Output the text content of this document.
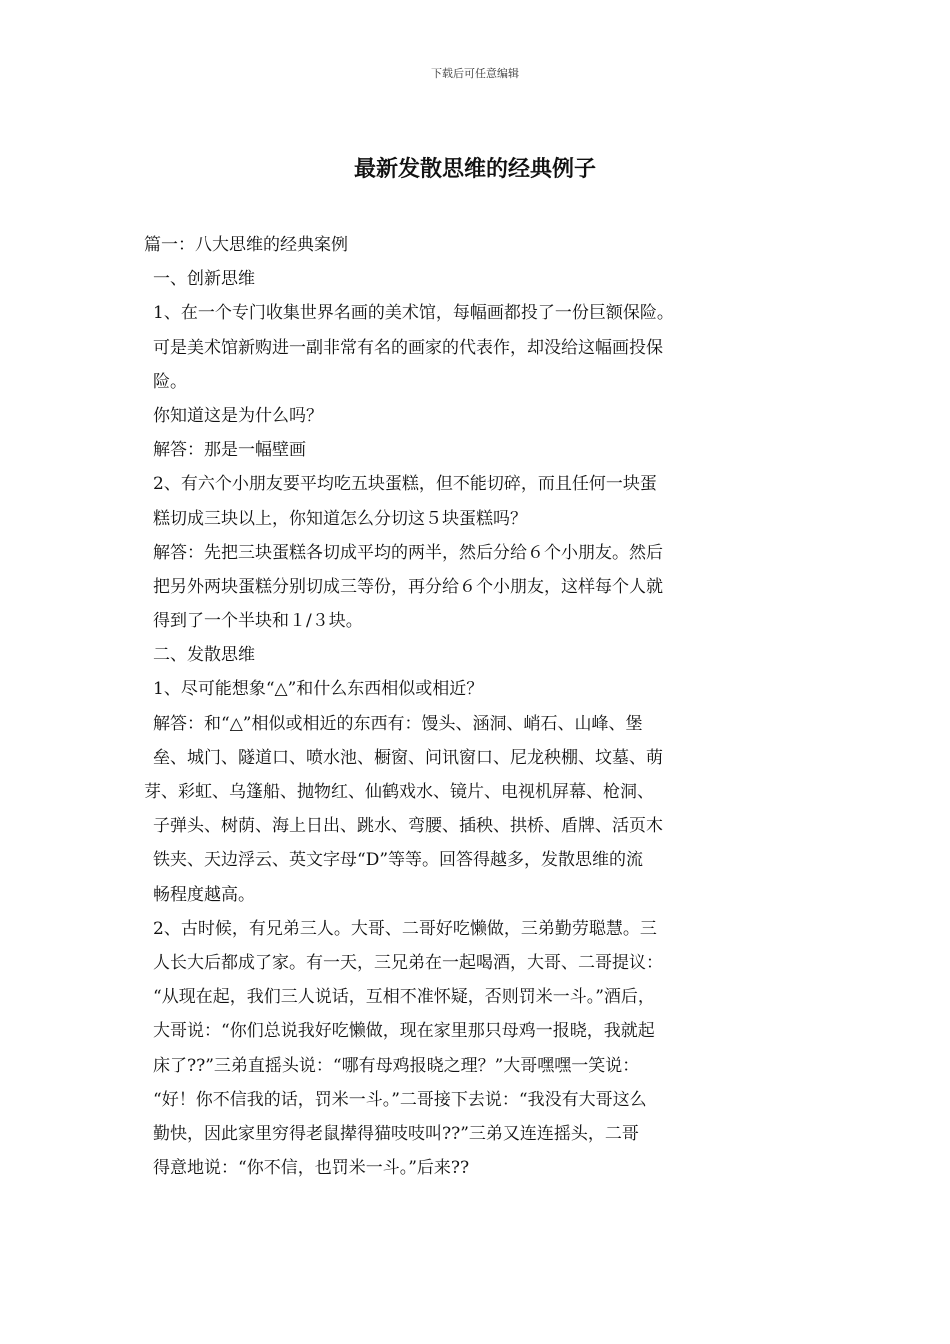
下载后可任意编辑
最新发散思维的经典例子
篇一：八大思维的经典案例
一、创新思维
1、在一个专门收集世界名画的美术馆，每幅画都投了一份巨额保险。
可是美术馆新购进一副非常有名的画家的代表作，却没给这幅画投保
险。
你知道这是为什么吗？
解答：那是一幅壁画
2、有六个小朋友要平均吃五块蛋糕，但不能切碎，而且任何一块蛋
糕切成三块以上，你知道怎么分切这５块蛋糕吗？
解答：先把三块蛋糕各切成平均的两半，然后分给６个小朋友。然后
把另外两块蛋糕分别切成三等份，再分给６个小朋友，这样每个人就
得到了一个半块和１/３块。
二、发散思维
1、尽可能想象“△”和什么东西相似或相近？
解答：和“△”相似或相近的东西有：馒头、涵洞、峭石、山峰、堡
垒、城门、隧道口、喷水池、橱窗、问讯窗口、尼龙秧棚、坟墓、萌
芽、彩虹、乌篷船、抛物红、仙鹤戏水、镜片、电视机屏幕、枪洞、
子弹头、树荫、海上日出、跳水、弯腰、插秧、拱桥、盾牌、活页木
铁夹、天边浮云、英文字母“D”等等。回答得越多，发散思维的流
畅程度越高。
2、古时候，有兄弟三人。大哥、二哥好吃懒做，三弟勤劳聪慧。三
人长大后都成了家。有一天，三兄弟在一起喝酒，大哥、二哥提议：
“从现在起，我们三人说话，互相不准怀疑，否则罚米一斗。”酒后，
大哥说：“你们总说我好吃懒做，现在家里那只母鸡一报晓，我就起
床了??”三弟直摇头说：“哪有母鸡报晓之理？”大哥嘿嘿一笑说：
“好！你不信我的话，罚米一斗。”二哥接下去说：“我没有大哥这么
勤快，因此家里穷得老鼠撵得猫吱吱叫??”三弟又连连摇头，二哥
得意地说：“你不信，也罚米一斗。”后来??
